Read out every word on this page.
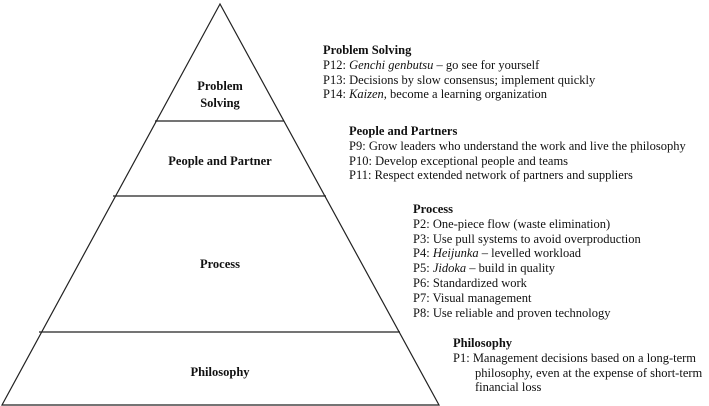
Problem
Solving
People and Partner
Process
Philosophy
Problem Solving
P12: Genchi genbutsu – go see for yourself
P13: Decisions by slow consensus; implement quickly
P14: Kaizen, become a learning organization
People and Partners
P9: Grow leaders who understand the work and live the philosophy
P10: Develop exceptional people and teams
P11: Respect extended network of partners and suppliers
Process
P2: One-piece flow (waste elimination)
P3: Use pull systems to avoid overproduction
P4: Heijunka – levelled workload
P5: Jidoka – build in quality
P6: Standardized work
P7: Visual management
P8: Use reliable and proven technology
Philosophy
P1: Management decisions based on a long-term philosophy, even at the expense of short-term financial loss
